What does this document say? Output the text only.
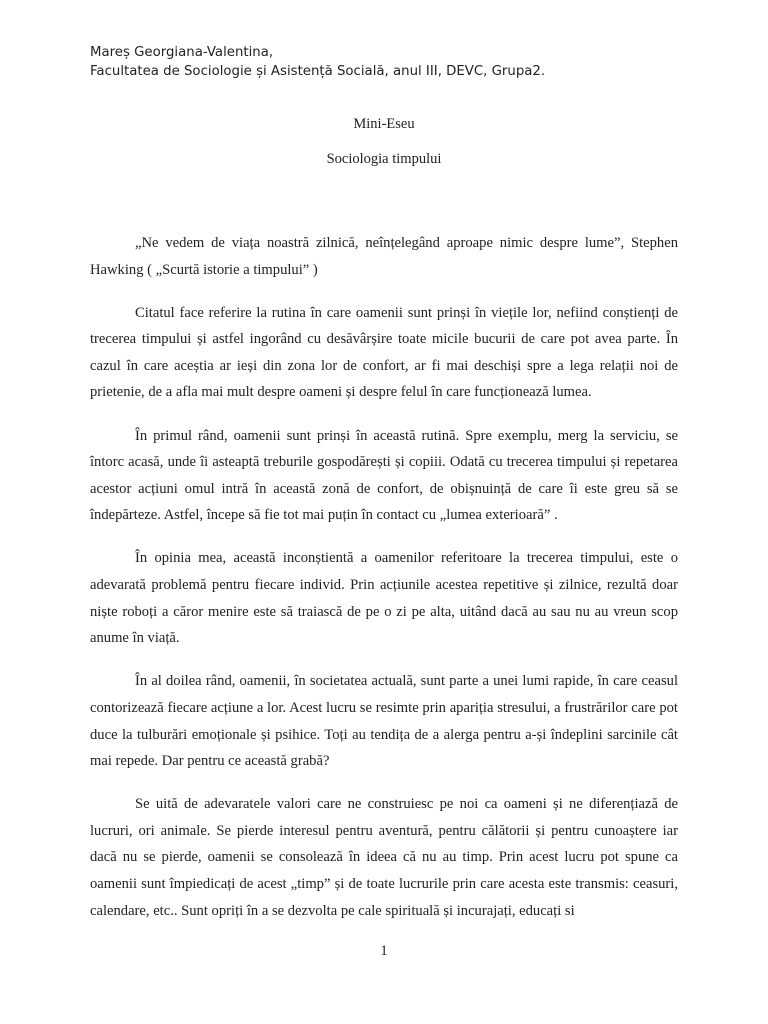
Mareș Georgiana-Valentina,
Facultatea de Sociologie și Asistență Socială, anul III, DEVC, Grupa2.
Mini-Eseu
Sociologia timpului

„Ne vedem de viața noastră zilnică, neînțelegând aproape nimic despre lume”, Stephen Hawking ( „Scurtă istorie a timpului” )

Citatul face referire la rutina în care oamenii sunt prinși în viețile lor, nefiind conștienți de trecerea timpului și astfel ingorând cu desăvârșire toate micile bucurii de care pot avea parte. În cazul în care aceștia ar ieși din zona lor de confort, ar fi mai deschiși spre a lega relații noi de prietenie, de a afla mai mult despre oameni și despre felul în care funcționează lumea.

În primul rând, oamenii sunt prinși în această rutină. Spre exemplu, merg la serviciu, se întorc acasă, unde îi asteaptă treburile gospodărești și copiii. Odată cu trecerea timpului și repetarea acestor acțiuni omul intră în această zonă de confort, de obișnuință de care îi este greu să se îndepărteze. Astfel, începe să fie tot mai puțin în contact cu „lumea exterioară” .

În opinia mea, această inconștientă a oamenilor referitoare la trecerea timpului, este o adevarată problemă pentru fiecare individ. Prin acțiunile acestea repetitive și zilnice, rezultă doar niște roboți a căror menire este să traiască de pe o zi pe alta, uitând dacă au sau nu au vreun scop anume în viață.

În al doilea rând, oamenii, în societatea actuală, sunt parte a unei lumi rapide, în care ceasul contorizează fiecare acțiune a lor. Acest lucru se resimte prin apariția stresului, a frustrărilor care pot duce la tulburări emoționale și psihice. Toți au tendița de a alerga pentru a-și îndeplini sarcinile cât mai repede. Dar pentru ce această grabă?

Se uită de adevaratele valori care ne construiesc pe noi ca oameni și ne diferențiază de lucruri, ori animale. Se pierde interesul pentru aventură, pentru călătorii și pentru cunoaștere iar dacă nu se pierde, oamenii se consolează în ideea că nu au timp. Prin acest lucru pot spune ca oamenii sunt împiedicați de acest „timp” și de toate lucrurile prin care acesta este transmis: ceasuri, calendare, etc.. Sunt opriți în a se dezvolta pe cale spirituală și incurajați, educați si

1
